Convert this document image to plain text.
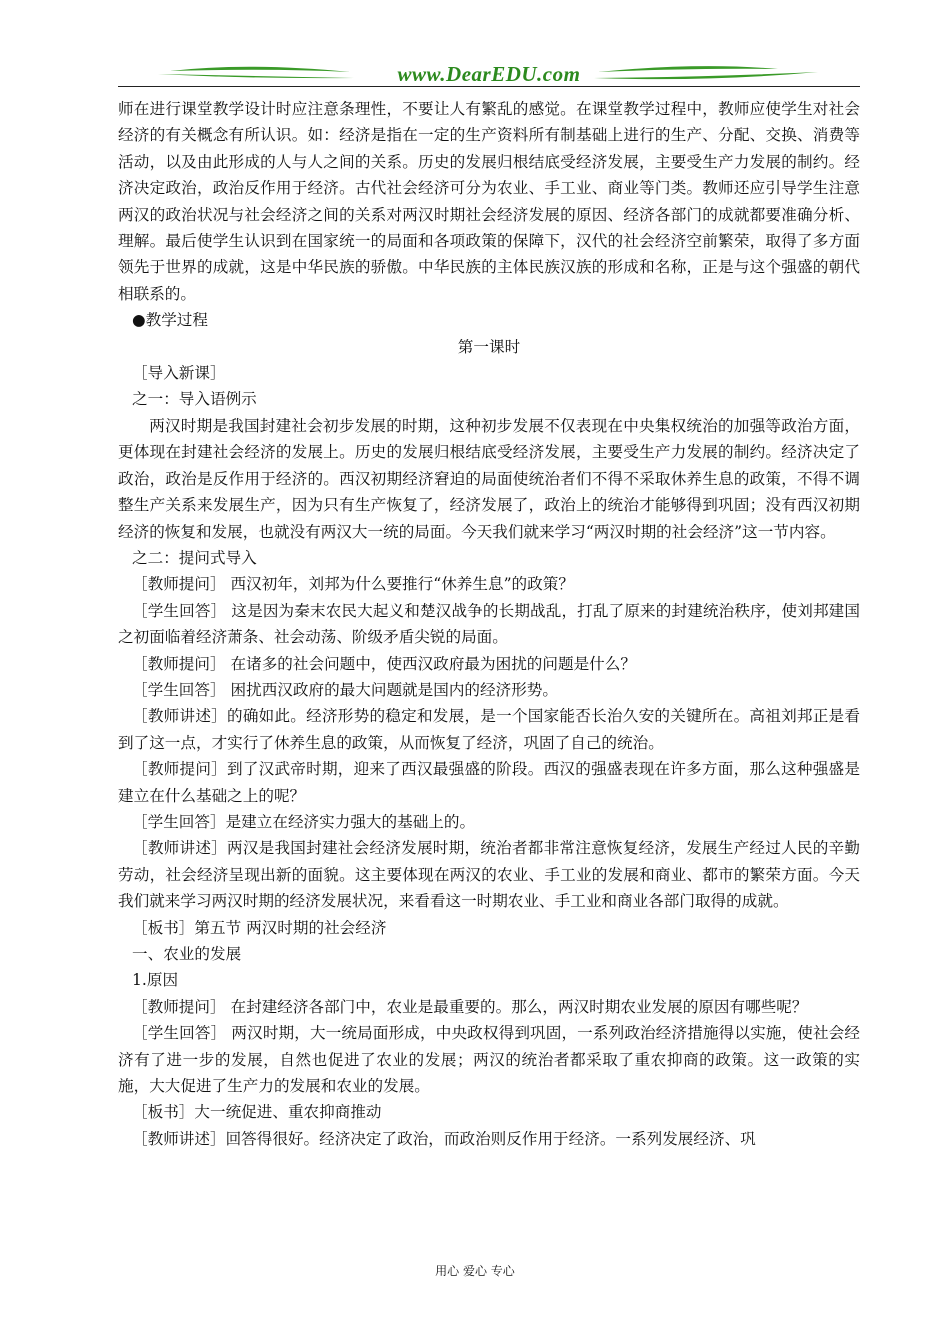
www.DearEDU.com

师在进行课堂教学设计时应注意条理性，不要让人有繁乱的感觉。在课堂教学过程中，教师应使学生对社会经济的有关概念有所认识。如：经济是指在一定的生产资料所有制基础上进行的生产、分配、交换、消费等活动，以及由此形成的人与人之间的关系。历史的发展归根结底受经济发展，主要受生产力发展的制约。经济决定政治，政治反作用于经济。古代社会经济可分为农业、手工业、商业等门类。教师还应引导学生注意两汉的政治状况与社会经济之间的关系对两汉时期社会经济发展的原因、经济各部门的成就都要准确分析、理解。最后使学生认识到在国家统一的局面和各项政策的保障下，汉代的社会经济空前繁荣，取得了多方面领先于世界的成就，这是中华民族的骄傲。中华民族的主体民族汉族的形成和名称，正是与这个强盛的朝代相联系的。

●教学过程

第一课时

［导入新课］

之一：导入语例示

两汉时期是我国封建社会初步发展的时期，这种初步发展不仅表现在中央集权统治的加强等政治方面，更体现在封建社会经济的发展上。历史的发展归根结底受经济发展，主要受生产力发展的制约。经济决定了政治，政治是反作用于经济的。西汉初期经济窘迫的局面使统治者们不得不采取休养生息的政策，不得不调整生产关系来发展生产，因为只有生产恢复了，经济发展了，政治上的统治才能够得到巩固；没有西汉初期经济的恢复和发展，也就没有两汉大一统的局面。今天我们就来学习“两汉时期的社会经济”这一节内容。

之二：提问式导入

［教师提问］ 西汉初年，刘邦为什么要推行“休养生息”的政策？

［学生回答］ 这是因为秦末农民大起义和楚汉战争的长期战乱，打乱了原来的封建统治秩序，使刘邦建国之初面临着经济萧条、社会动荡、阶级矛盾尖锐的局面。

［教师提问］ 在诸多的社会问题中，使西汉政府最为困扰的问题是什么？

［学生回答］ 困扰西汉政府的最大问题就是国内的经济形势。

［教师讲述］的确如此。经济形势的稳定和发展，是一个国家能否长治久安的关键所在。高祖刘邦正是看到了这一点，才实行了休养生息的政策，从而恢复了经济，巩固了自己的统治。

［教师提问］到了汉武帝时期，迎来了西汉最强盛的阶段。西汉的强盛表现在许多方面，那么这种强盛是建立在什么基础之上的呢？

［学生回答］是建立在经济实力强大的基础上的。

［教师讲述］两汉是我国封建社会经济发展时期，统治者都非常注意恢复经济，发展生产经过人民的辛勤劳动，社会经济呈现出新的面貌。这主要体现在两汉的农业、手工业的发展和商业、都市的繁荣方面。今天我们就来学习两汉时期的经济发展状况，来看看这一时期农业、手工业和商业各部门取得的成就。

［板书］第五节 两汉时期的社会经济

一、农业的发展

1.原因

［教师提问］ 在封建经济各部门中，农业是最重要的。那么，两汉时期农业发展的原因有哪些呢？

［学生回答］ 两汉时期，大一统局面形成，中央政权得到巩固，一系列政治经济措施得以实施，使社会经济有了进一步的发展，自然也促进了农业的发展；两汉的统治者都采取了重农抑商的政策。这一政策的实施，大大促进了生产力的发展和农业的发展。

［板书］大一统促进、重农抑商推动

［教师讲述］回答得很好。经济决定了政治，而政治则反作用于经济。一系列发展经济、巩

用心 爱心 专心
